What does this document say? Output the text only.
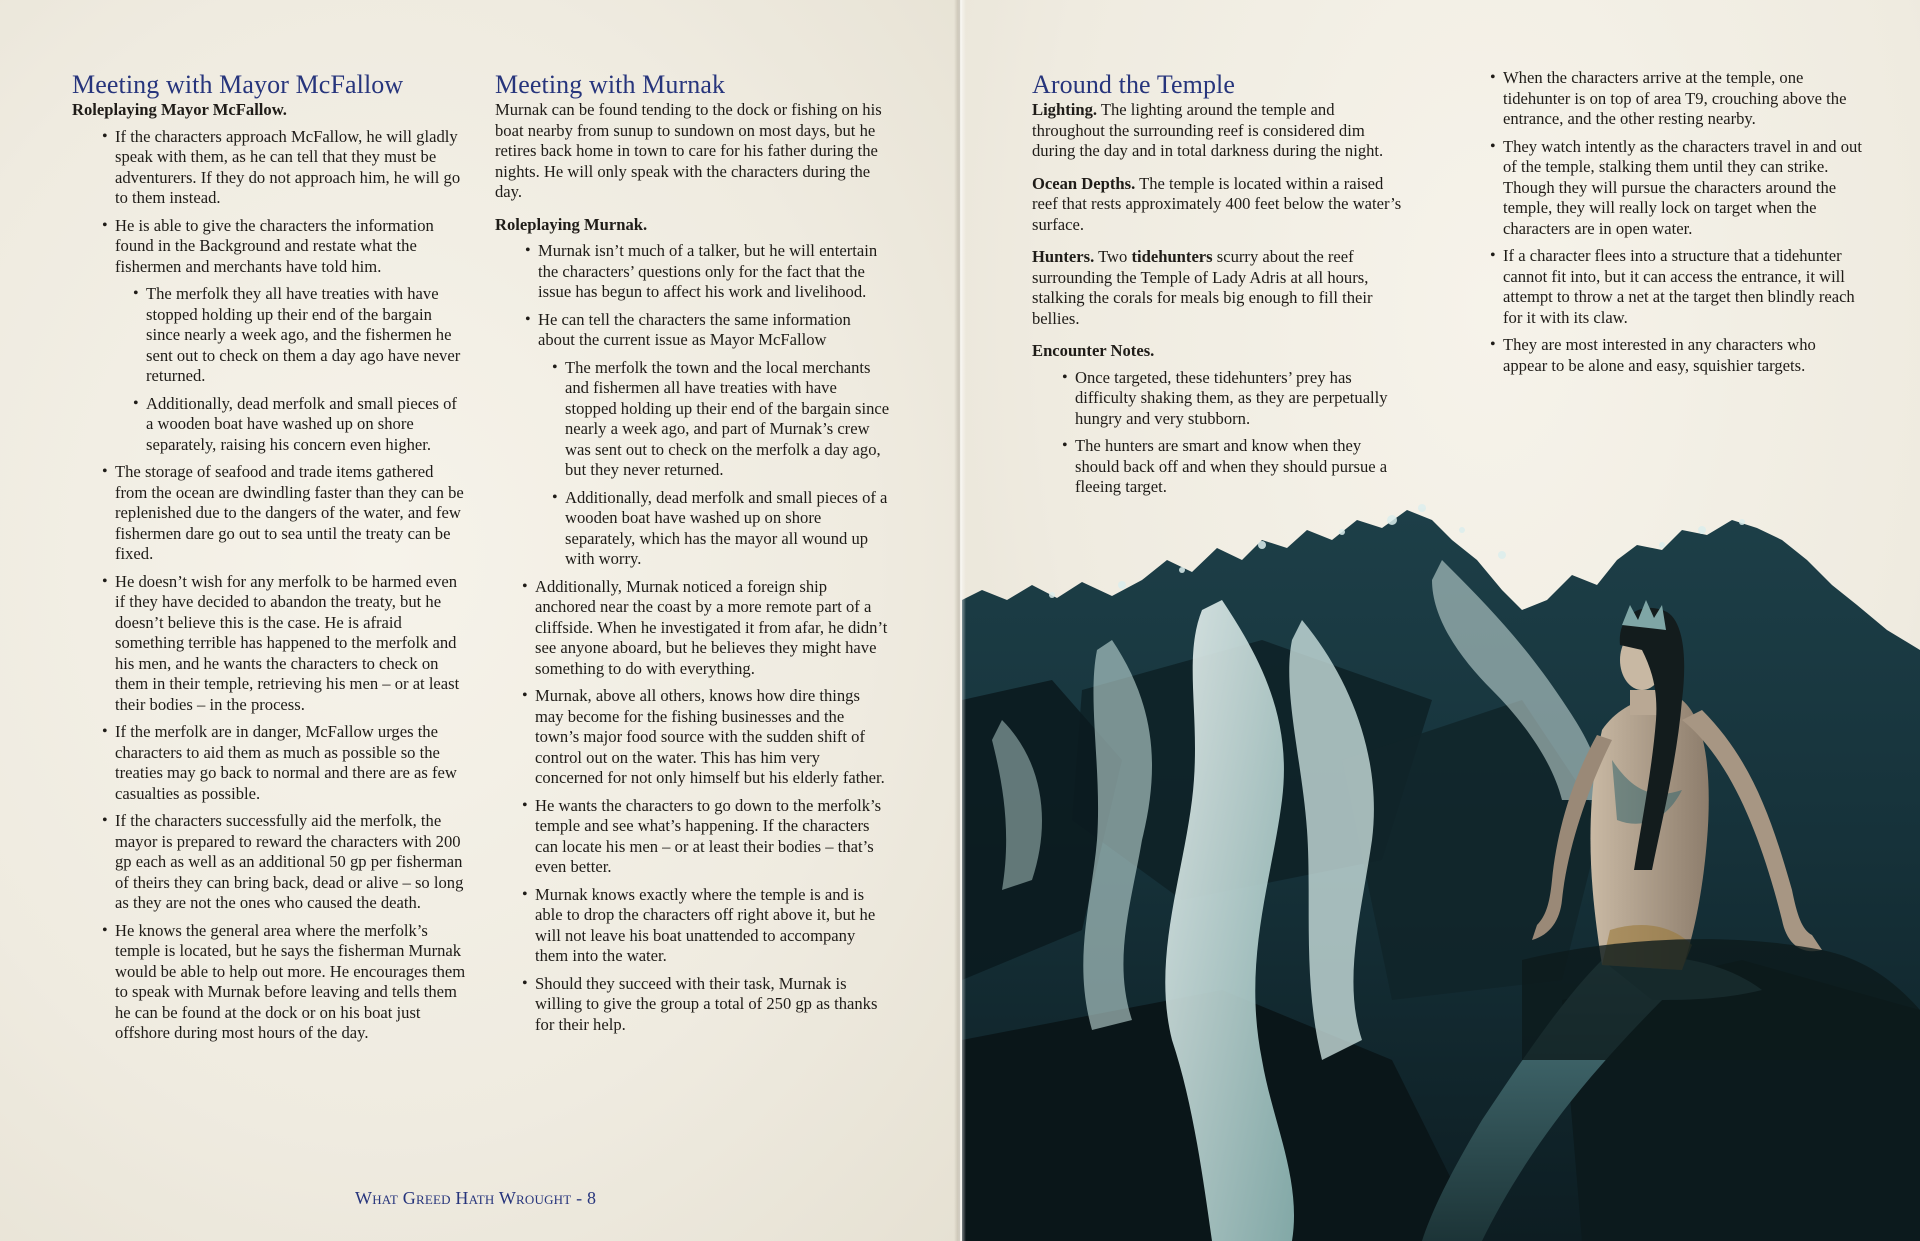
Meeting with Mayor McFallow
Roleplaying Mayor McFallow.
• If the characters approach McFallow, he will gladly speak with them, as he can tell that they must be adventurers. If they do not approach him, he will go to them instead.
• He is able to give the characters the information found in the Background and restate what the fishermen and merchants have told him.
• The merfolk they all have treaties with have stopped holding up their end of the bargain since nearly a week ago, and the fishermen he sent out to check on them a day ago have never returned.
• Additionally, dead merfolk and small pieces of a wooden boat have washed up on shore separately, raising his concern even higher.
• The storage of seafood and trade items gathered from the ocean are dwindling faster than they can be replenished due to the dangers of the water, and few fishermen dare go out to sea until the treaty can be fixed.
• He doesn’t wish for any merfolk to be harmed even if they have decided to abandon the treaty, but he doesn’t believe this is the case. He is afraid something terrible has happened to the merfolk and his men, and he wants the characters to check on them in their temple, retrieving his men – or at least their bodies – in the process.
• If the merfolk are in danger, McFallow urges the characters to aid them as much as possible so the treaties may go back to normal and there are as few casualties as possible.
• If the characters successfully aid the merfolk, the mayor is prepared to reward the characters with 200 gp each as well as an additional 50 gp per fisherman of theirs they can bring back, dead or alive – so long as they are not the ones who caused the death.
• He knows the general area where the merfolk’s temple is located, but he says the fisherman Murnak would be able to help out more. He encourages them to speak with Murnak before leaving and tells them he can be found at the dock or on his boat just offshore during most hours of the day.
Meeting with Murnak

Murnak can be found tending to the dock or fishing on his boat nearby from sunup to sundown on most days, but he retires back home in town to care for his father during the nights. He will only speak with the characters during the day.

Roleplaying Murnak.
• Murnak isn’t much of a talker, but he will entertain the characters’ questions only for the fact that the issue has begun to affect his work and livelihood.
• He can tell the characters the same information about the current issue as Mayor McFallow
• The merfolk the town and the local merchants and fishermen all have treaties with have stopped holding up their end of the bargain since nearly a week ago, and part of Murnak’s crew was sent out to check on the merfolk a day ago, but they never returned.
• Additionally, dead merfolk and small pieces of a wooden boat have washed up on shore separately, which has the mayor all wound up with worry.
• Additionally, Murnak noticed a foreign ship anchored near the coast by a more remote part of a cliffside. When he investigated it from afar, he didn’t see anyone aboard, but he believes they might have something to do with everything.
• Murnak, above all others, knows how dire things may become for the fishing businesses and the town’s major food source with the sudden shift of control out on the water. This has him very concerned for not only himself but his elderly father.
• He wants the characters to go down to the merfolk’s temple and see what’s happening. If the characters can locate his men – or at least their bodies – that’s even better.
• Murnak knows exactly where the temple is and is able to drop the characters off right above it, but he will not leave his boat unattended to accompany them into the water.
• Should they succeed with their task, Murnak is willing to give the group a total of 250 gp as thanks for their help.
What Greed Hath Wrought - 8
Around the Temple

Lighting. The lighting around the temple and throughout the surrounding reef is considered dim during the day and in total darkness during the night.

Ocean Depths. The temple is located within a raised reef that rests approximately 400 feet below the water’s surface.

Hunters. Two tidehunters scurry about the reef surrounding the Temple of Lady Adris at all hours, stalking the corals for meals big enough to fill their bellies.

Encounter Notes.
• Once targeted, these tidehunters’ prey has difficulty shaking them, as they are perpetually hungry and very stubborn.
• The hunters are smart and know when they should back off and when they should pursue a fleeing target.
• When the characters arrive at the temple, one tidehunter is on top of area T9, crouching above the entrance, and the other resting nearby.
• They watch intently as the characters travel in and out of the temple, stalking them until they can strike. Though they will pursue the characters around the temple, they will really lock on target when the characters are in open water.
• If a character flees into a structure that a tidehunter cannot fit into, but it can access the entrance, it will attempt to throw a net at the target then blindly reach for it with its claw.
• They are most interested in any characters who appear to be alone and easy, squishier targets.
